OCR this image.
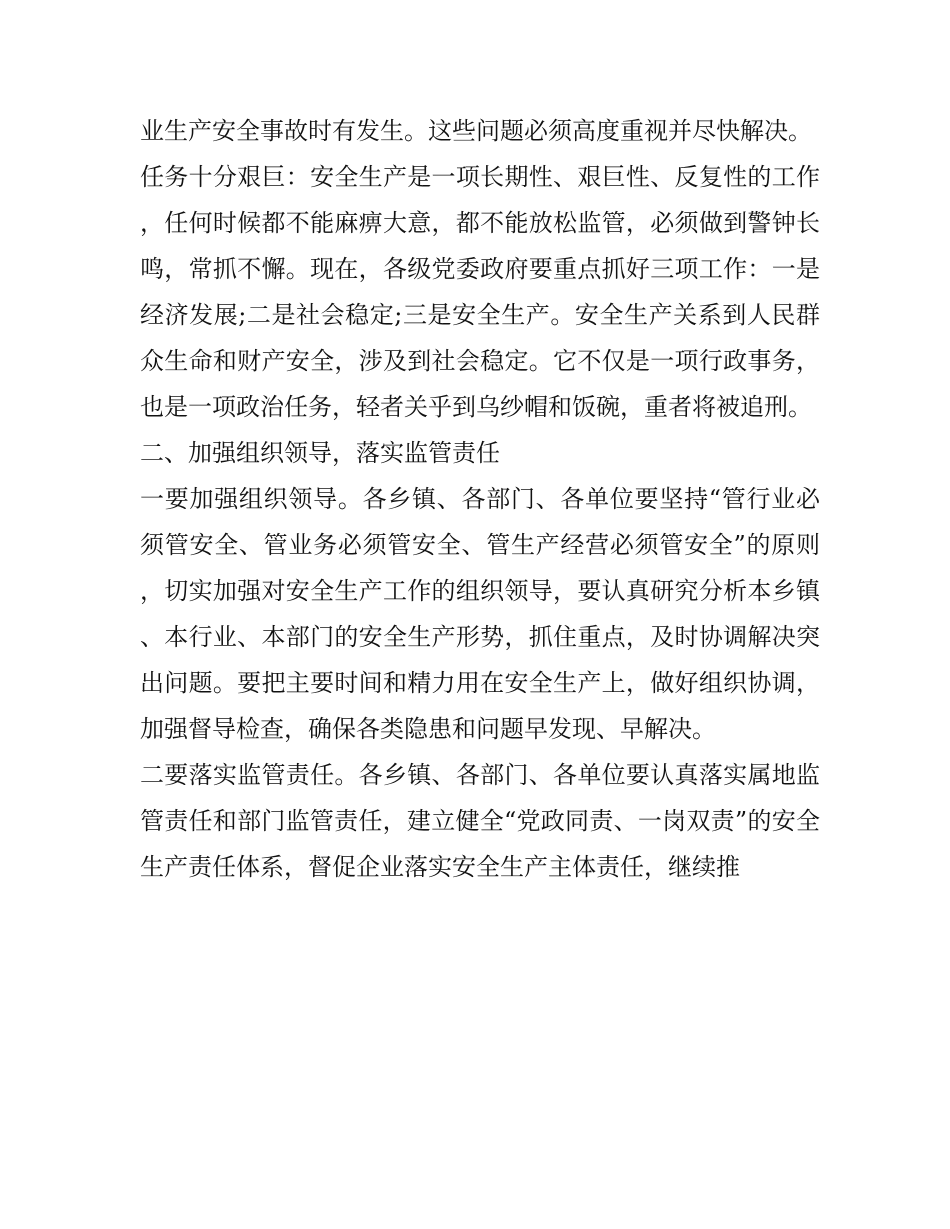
业生产安全事故时有发生。这些问题必须高度重视并尽快解决。

任务十分艰巨：安全生产是一项长期性、艰巨性、反复性的工作，任何时候都不能麻痹大意，都不能放松监管，必须做到警钟长鸣，常抓不懈。现在，各级党委政府要重点抓好三项工作：一是经济发展;二是社会稳定;三是安全生产。安全生产关系到人民群众生命和财产安全，涉及到社会稳定。它不仅是一项行政事务，也是一项政治任务，轻者关乎到乌纱帽和饭碗，重者将被追刑。

二、加强组织领导，落实监管责任

一要加强组织领导。各乡镇、各部门、各单位要坚持“管行业必须管安全、管业务必须管安全、管生产经营必须管安全”的原则，切实加强对安全生产工作的组织领导，要认真研究分析本乡镇、本行业、本部门的安全生产形势，抓住重点，及时协调解决突出问题。要把主要时间和精力用在安全生产上，做好组织协调，加强督导检查，确保各类隐患和问题早发现、早解决。

二要落实监管责任。各乡镇、各部门、各单位要认真落实属地监管责任和部门监管责任，建立健全“党政同责、一岗双责”的安全生产责任体系，督促企业落实安全生产主体责任，继续推
